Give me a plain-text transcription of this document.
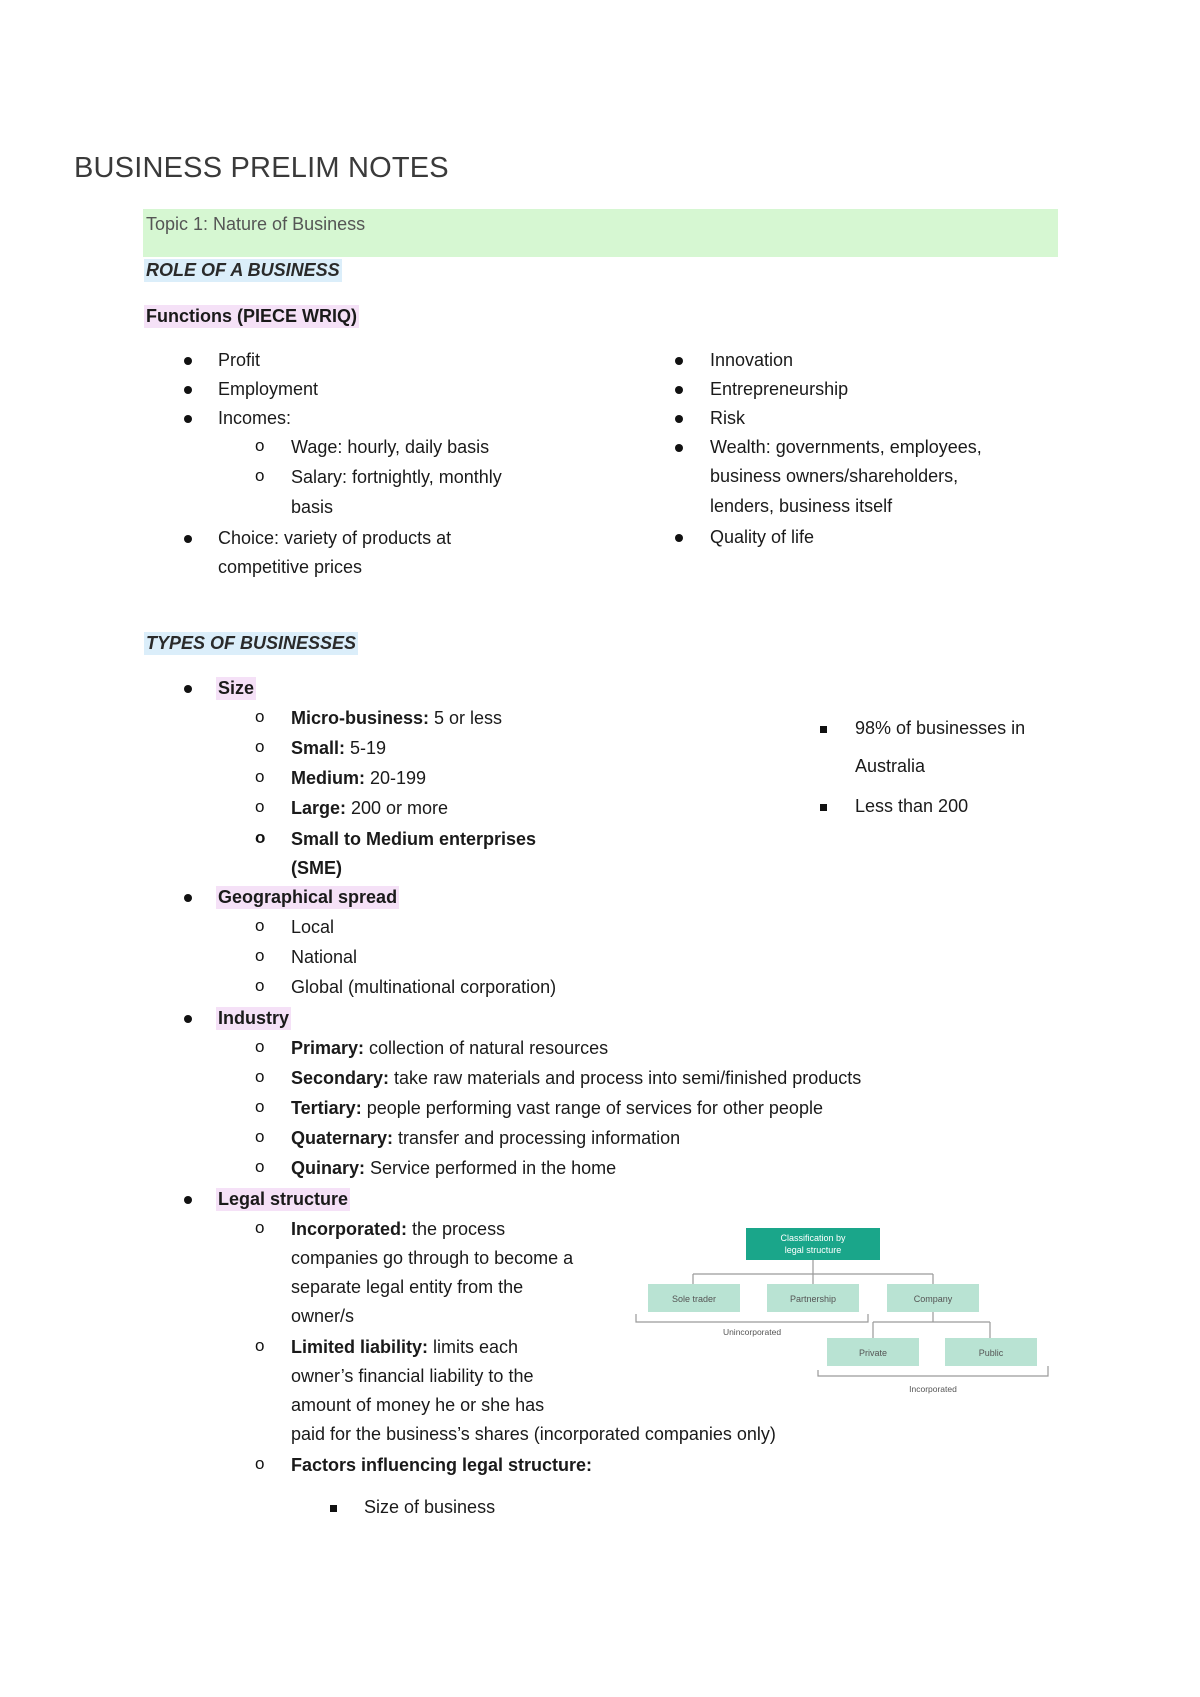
BUSINESS PRELIM NOTES
Topic 1: Nature of Business
ROLE OF A BUSINESS
Functions (PIECE WRIQ)
Profit
Employment
Incomes:
o Wage: hourly, daily basis
o Salary: fortnightly, monthly
basis
Choice: variety of products at
competitive prices
Innovation
Entrepreneurship
Risk
Wealth: governments, employees,
business owners/shareholders,
lenders, business itself
Quality of life
TYPES OF BUSINESSES
Size
o Micro-business: 5 or less
o Small: 5-19
o Medium: 20-199
o Large: 200 or more
o Small to Medium enterprises
(SME)
98% of businesses in
Australia
Less than 200
Geographical spread
o Local
o National
o Global (multinational corporation)
Industry
o Primary: collection of natural resources
o Secondary: take raw materials and process into semi/finished products
o Tertiary: people performing vast range of services for other people
o Quaternary: transfer and processing information
o Quinary: Service performed in the home
Legal structure
o Incorporated: the process
companies go through to become a
separate legal entity from the
owner/s
o Limited liability: limits each
owner’s financial liability to the
amount of money he or she has
paid for the business’s shares (incorporated companies only)
o Factors influencing legal structure:
Size of business
Classification by
legal structure
Sole trader	Partnership	Company
Unincorporated
Private	Public
Incorporated
